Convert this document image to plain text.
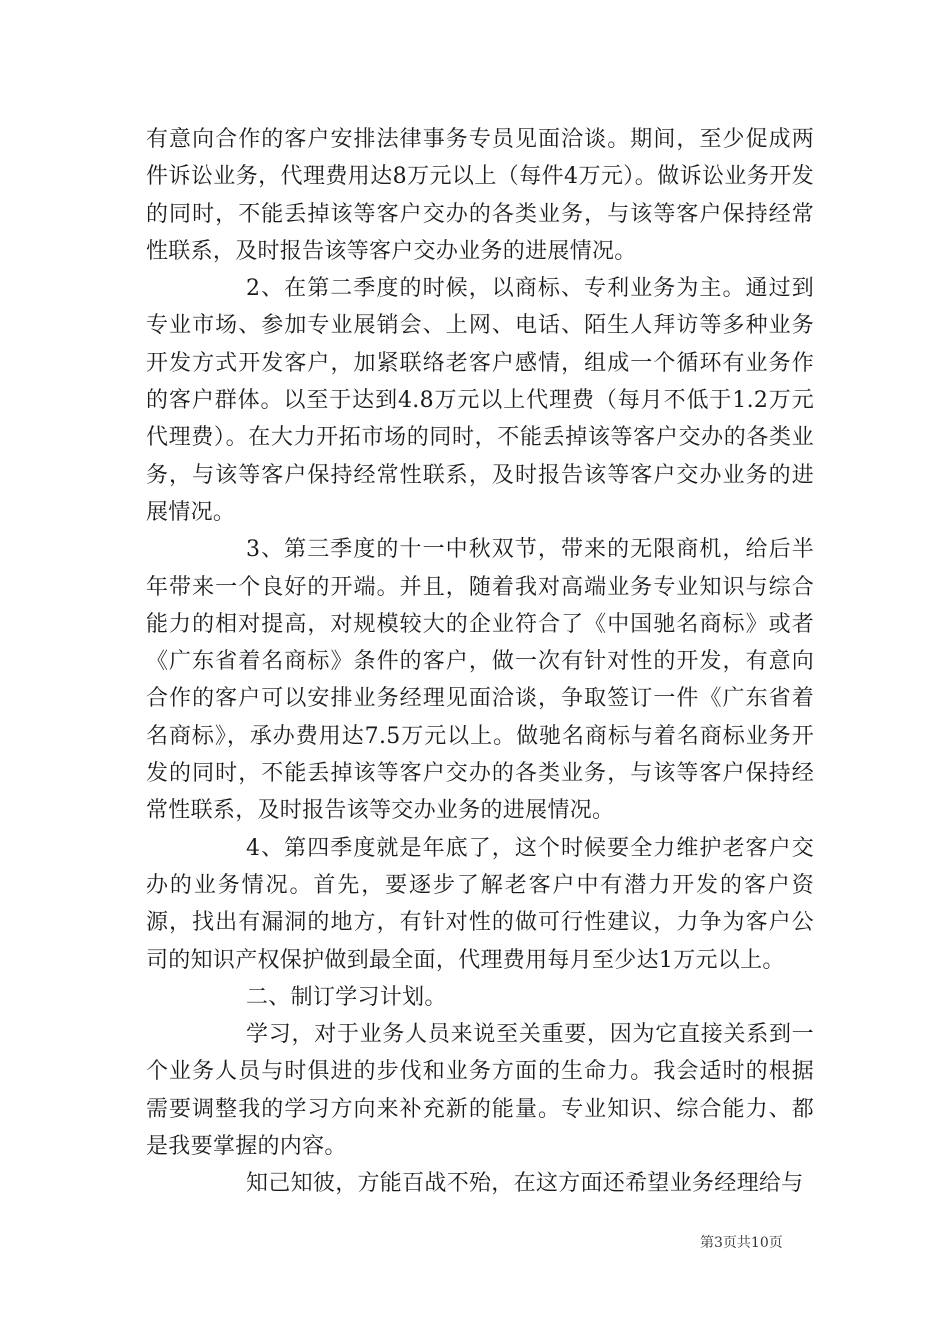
有意向合作的客户安排法律事务专员见面洽谈。期间，至少促成两件诉讼业务，代理费用达8万元以上（每件4万元）。做诉讼业务开发的同时，不能丢掉该等客户交办的各类业务，与该等客户保持经常性联系，及时报告该等客户交办业务的进展情况。

2、在第二季度的时候，以商标、专利业务为主。通过到专业市场、参加专业展销会、上网、电话、陌生人拜访等多种业务开发方式开发客户，加紧联络老客户感情，组成一个循环有业务作的客户群体。以至于达到4.8万元以上代理费（每月不低于1.2万元代理费）。在大力开拓市场的同时，不能丢掉该等客户交办的各类业务，与该等客户保持经常性联系，及时报告该等客户交办业务的进展情况。

3、第三季度的十一中秋双节，带来的无限商机，给后半年带来一个良好的开端。并且，随着我对高端业务专业知识与综合能力的相对提高，对规模较大的企业符合了《中国驰名商标》或者《广东省着名商标》条件的客户，做一次有针对性的开发，有意向合作的客户可以安排业务经理见面洽谈，争取签订一件《广东省着名商标》，承办费用达7.5万元以上。做驰名商标与着名商标业务开发的同时，不能丢掉该等客户交办的各类业务，与该等客户保持经常性联系，及时报告该等交办业务的进展情况。

4、第四季度就是年底了，这个时候要全力维护老客户交办的业务情况。首先，要逐步了解老客户中有潜力开发的客户资源，找出有漏洞的地方，有针对性的做可行性建议，力争为客户公司的知识产权保护做到最全面，代理费用每月至少达1万元以上。

二、制订学习计划。

学习，对于业务人员来说至关重要，因为它直接关系到一个业务人员与时俱进的步伐和业务方面的生命力。我会适时的根据需要调整我的学习方向来补充新的能量。专业知识、综合能力、都是我要掌握的内容。

知己知彼，方能百战不殆，在这方面还希望业务经理给与

第3页共10页
